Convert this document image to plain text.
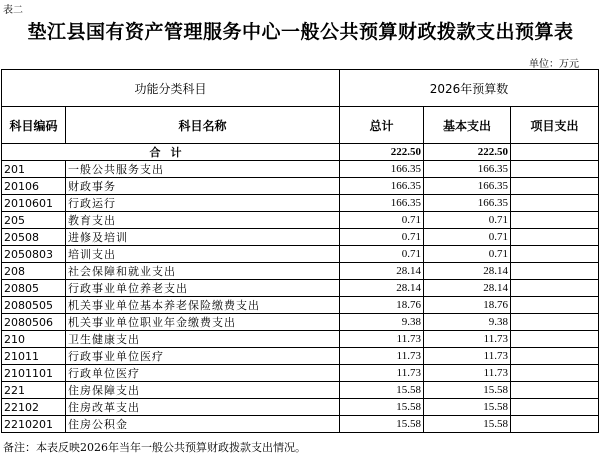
表二
垫江县国有资产管理服务中心一般公共预算财政拨款支出预算表
单位：万元
功能分类科目		2026年预算数		
科目编码	科目名称	总计	基本支出	项目支出
合计		222.50	222.50	
201	一般公共服务支出	166.35	166.35	
20106	财政事务	166.35	166.35	
2010601	行政运行	166.35	166.35	
205	教育支出	0.71	0.71	
20508	进修及培训	0.71	0.71	
2050803	培训支出	0.71	0.71	
208	社会保障和就业支出	28.14	28.14	
20805	行政事业单位养老支出	28.14	28.14	
2080505	机关事业单位基本养老保险缴费支出	18.76	18.76	
2080506	机关事业单位职业年金缴费支出	9.38	9.38	
210	卫生健康支出	11.73	11.73	
21011	行政事业单位医疗	11.73	11.73	
2101101	行政单位医疗	11.73	11.73	
221	住房保障支出	15.58	15.58	
22102	住房改革支出	15.58	15.58	
2210201	住房公积金	15.58	15.58	
备注：本表反映2026年当年一般公共预算财政拨款支出情况。
